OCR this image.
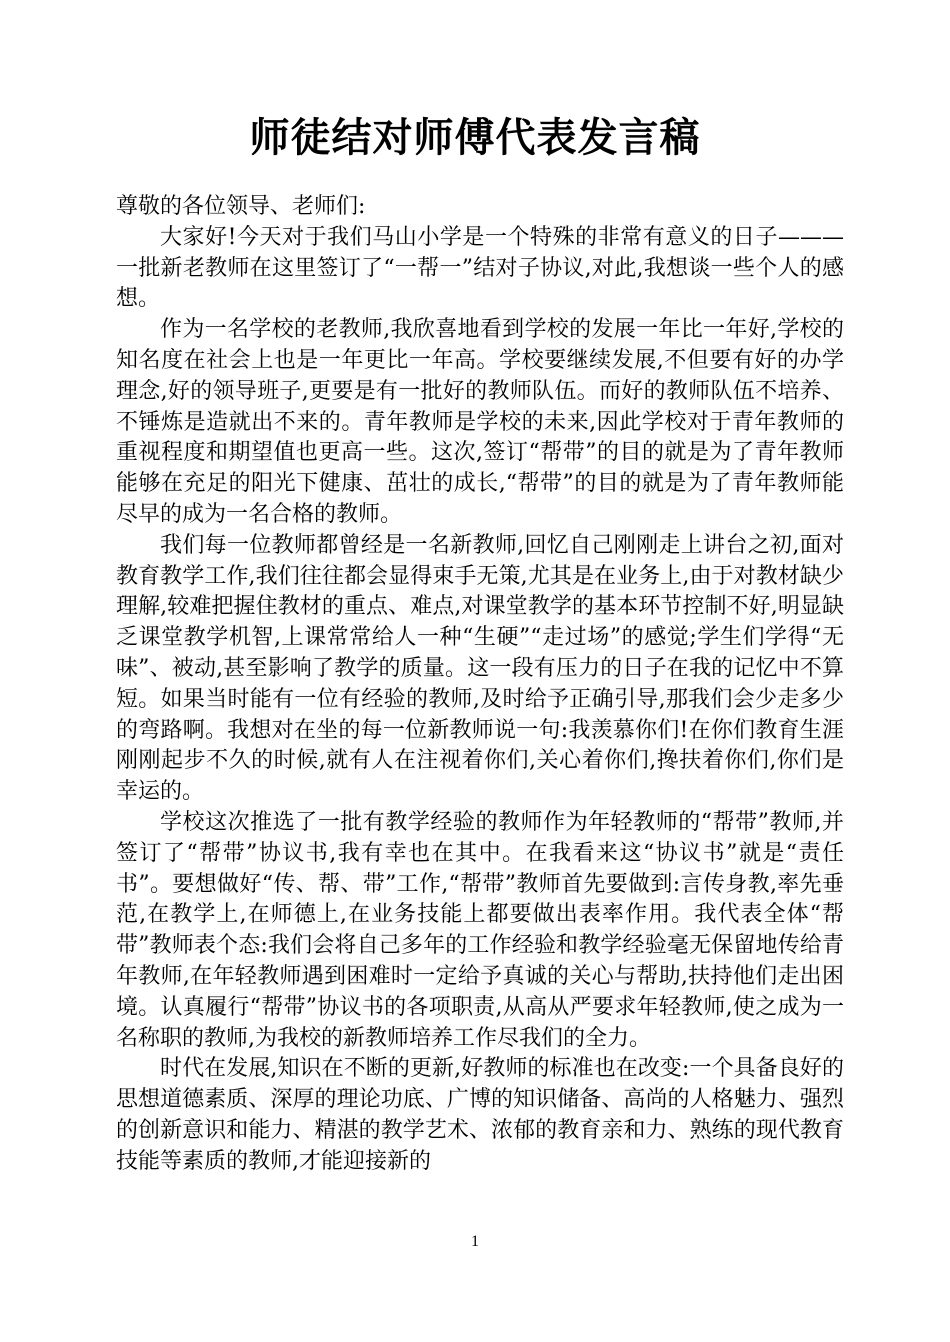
师徒结对师傅代表发言稿

尊敬的各位领导、老师们:

大家好!今天对于我们马山小学是一个特殊的非常有意义的日子———一批新老教师在这里签订了“一帮一”结对子协议,对此,我想谈一些个人的感想。

作为一名学校的老教师,我欣喜地看到学校的发展一年比一年好,学校的知名度在社会上也是一年更比一年高。学校要继续发展,不但要有好的办学理念,好的领导班子,更要是有一批好的教师队伍。而好的教师队伍不培养、不锤炼是造就出不来的。青年教师是学校的未来,因此学校对于青年教师的重视程度和期望值也更高一些。这次,签订“帮带”的目的就是为了青年教师能够在充足的阳光下健康、茁壮的成长,“帮带”的目的就是为了青年教师能尽早的成为一名合格的教师。

我们每一位教师都曾经是一名新教师,回忆自己刚刚走上讲台之初,面对教育教学工作,我们往往都会显得束手无策,尤其是在业务上,由于对教材缺少理解,较难把握住教材的重点、难点,对课堂教学的基本环节控制不好,明显缺乏课堂教学机智,上课常常给人一种“生硬”“走过场”的感觉;学生们学得“无味”、被动,甚至影响了教学的质量。这一段有压力的日子在我的记忆中不算短。如果当时能有一位有经验的教师,及时给予正确引导,那我们会少走多少的弯路啊。我想对在坐的每一位新教师说一句:我羡慕你们!在你们教育生涯刚刚起步不久的时候,就有人在注视着你们,关心着你们,搀扶着你们,你们是幸运的。

学校这次推选了一批有教学经验的教师作为年轻教师的“帮带”教师,并签订了“帮带”协议书,我有幸也在其中。在我看来这“协议书”就是“责任书”。要想做好“传、帮、带”工作,“帮带”教师首先要做到:言传身教,率先垂范,在教学上,在师德上,在业务技能上都要做出表率作用。我代表全体“帮带”教师表个态:我们会将自己多年的工作经验和教学经验毫无保留地传给青年教师,在年轻教师遇到困难时一定给予真诚的关心与帮助,扶持他们走出困境。认真履行“帮带”协议书的各项职责,从高从严要求年轻教师,使之成为一名称职的教师,为我校的新教师培养工作尽我们的全力。

时代在发展,知识在不断的更新,好教师的标准也在改变:一个具备良好的思想道德素质、深厚的理论功底、广博的知识储备、高尚的人格魅力、强烈的创新意识和能力、精湛的教学艺术、浓郁的教育亲和力、熟练的现代教育技能等素质的教师,才能迎接新的

1
